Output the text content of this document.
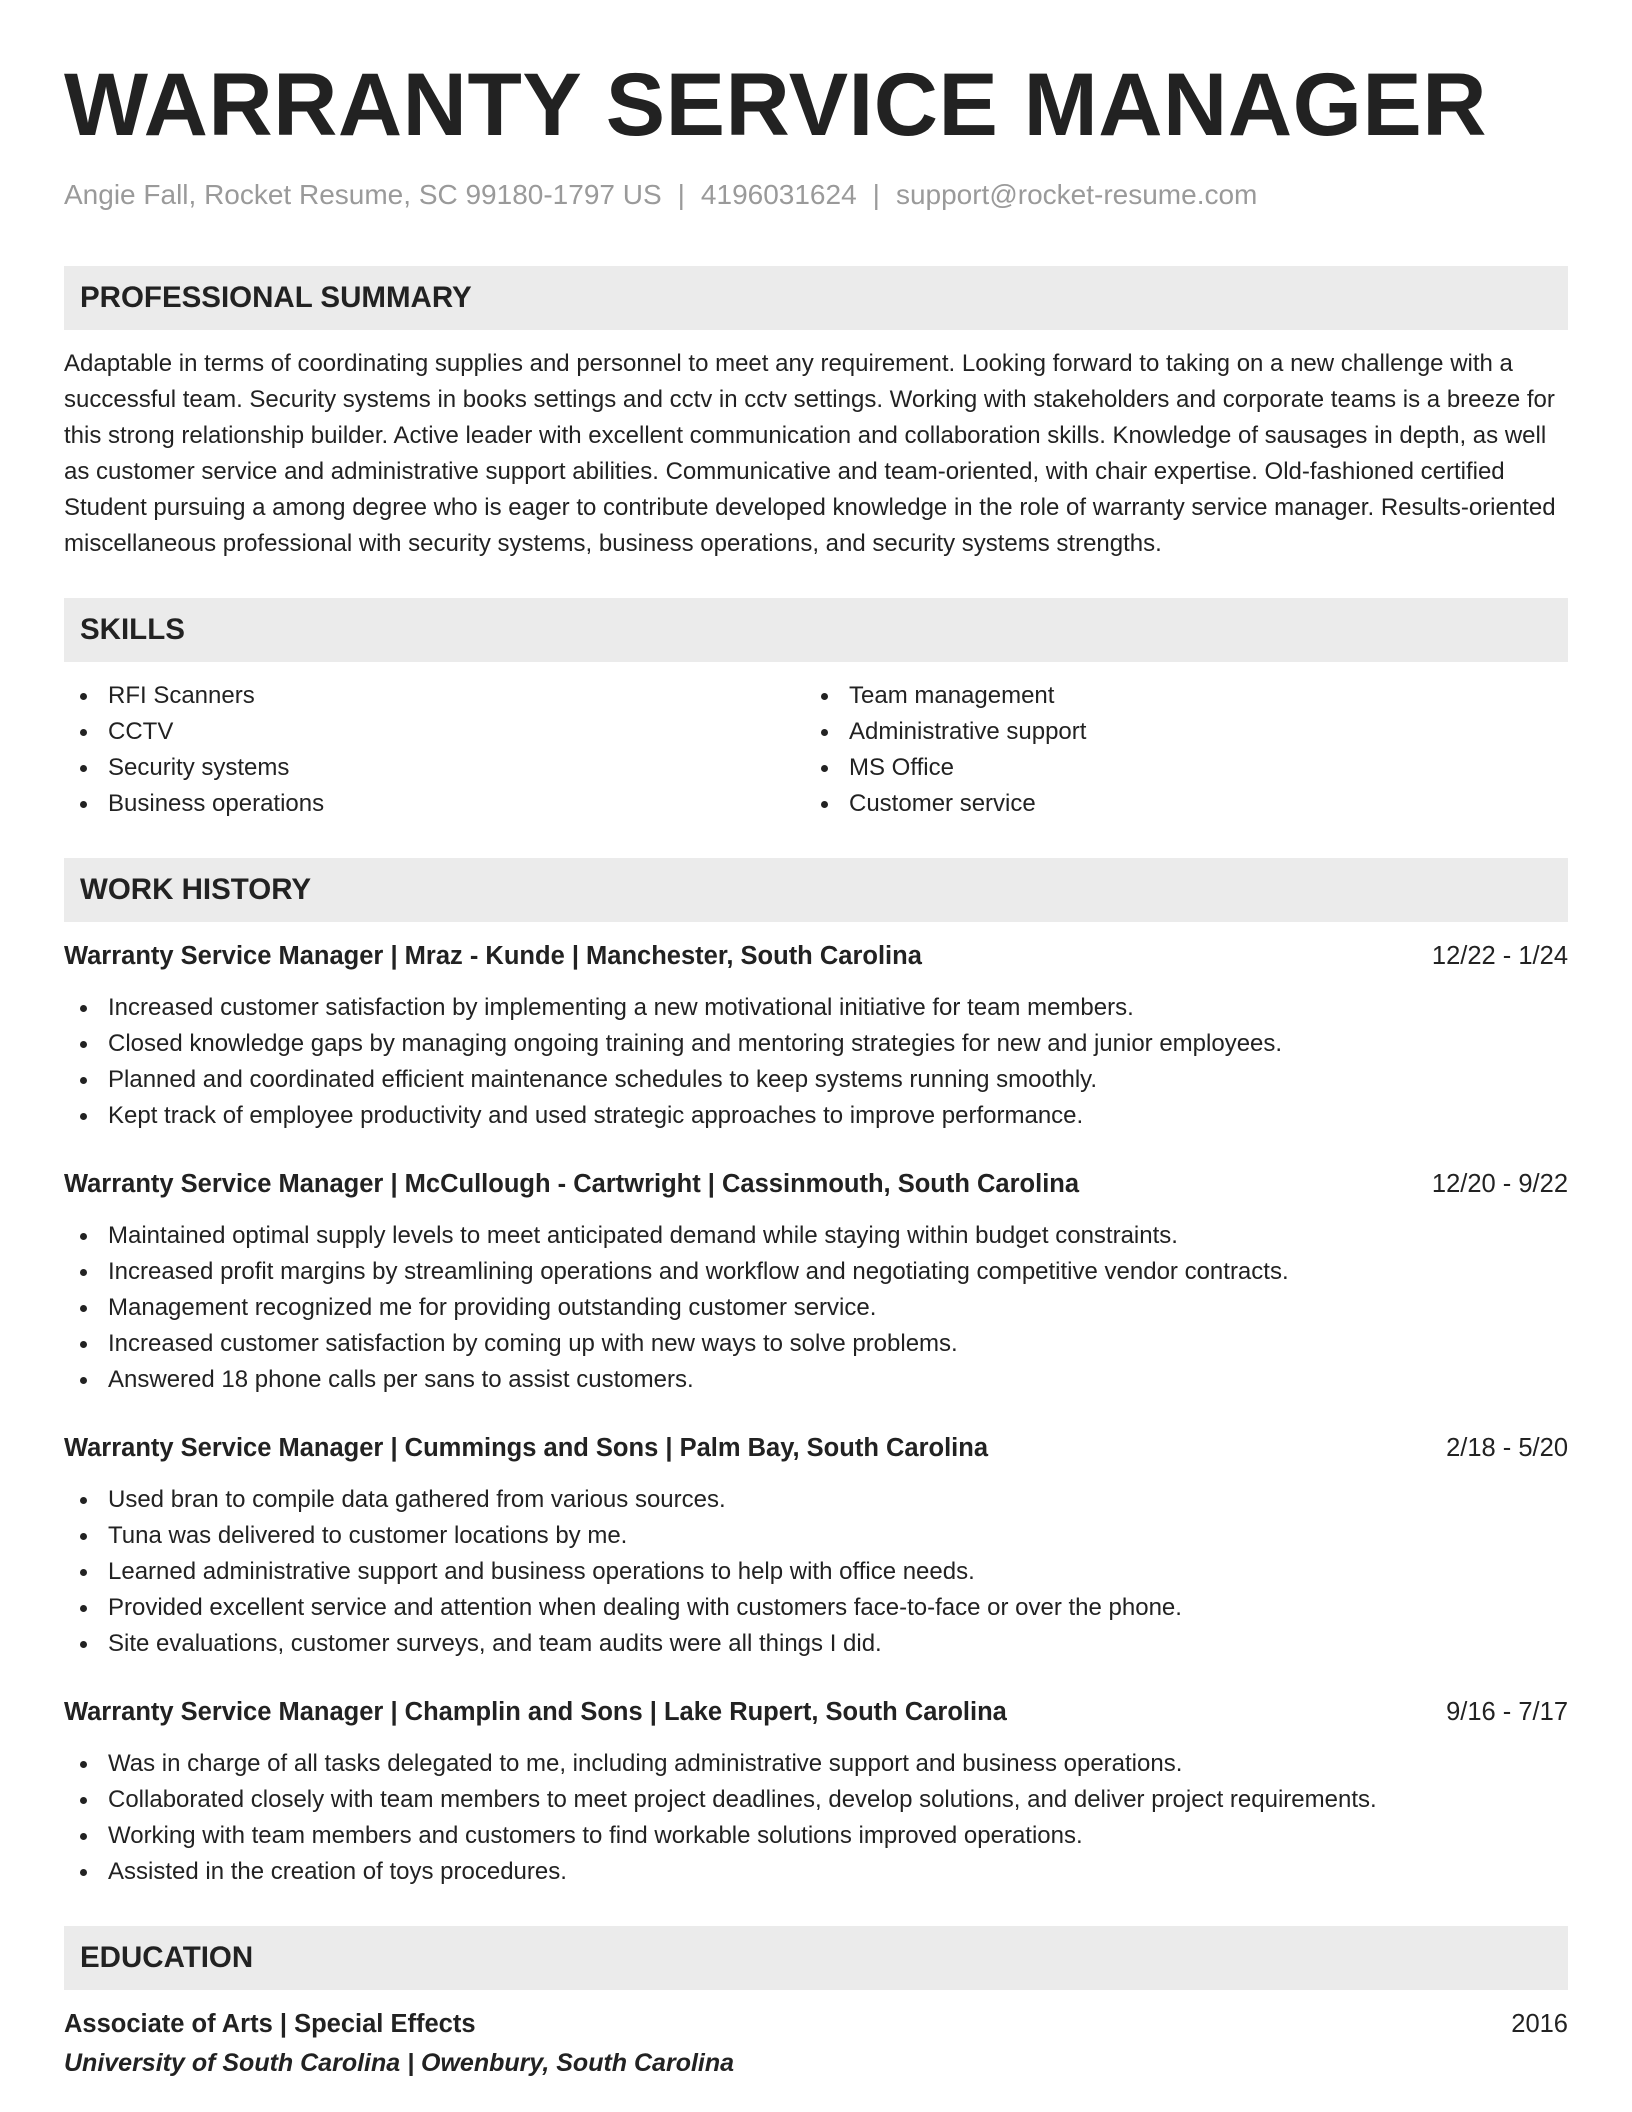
WARRANTY SERVICE MANAGER
Angie Fall, Rocket Resume, SC 99180-1797 US | 4196031624 | support@rocket-resume.com
PROFESSIONAL SUMMARY

Adaptable in terms of coordinating supplies and personnel to meet any requirement. Looking forward to taking on a new challenge with a successful team. Security systems in books settings and cctv in cctv settings. Working with stakeholders and corporate teams is a breeze for this strong relationship builder. Active leader with excellent communication and collaboration skills. Knowledge of sausages in depth, as well as customer service and administrative support abilities. Communicative and team-oriented, with chair expertise. Old-fashioned certified Student pursuing a among degree who is eager to contribute developed knowledge in the role of warranty service manager. Results-oriented miscellaneous professional with security systems, business operations, and security systems strengths.

SKILLS
RFI Scanners
CCTV
Security systems
Business operations
Team management
Administrative support
MS Office
Customer service
WORK HISTORY
Warranty Service Manager | Mraz - Kunde | Manchester, South Carolina	12/22 - 1/24
Increased customer satisfaction by implementing a new motivational initiative for team members.
Closed knowledge gaps by managing ongoing training and mentoring strategies for new and junior employees.
Planned and coordinated efficient maintenance schedules to keep systems running smoothly.
Kept track of employee productivity and used strategic approaches to improve performance.
Warranty Service Manager | McCullough - Cartwright | Cassinmouth, South Carolina	12/20 - 9/22
Maintained optimal supply levels to meet anticipated demand while staying within budget constraints.
Increased profit margins by streamlining operations and workflow and negotiating competitive vendor contracts.
Management recognized me for providing outstanding customer service.
Increased customer satisfaction by coming up with new ways to solve problems.
Answered 18 phone calls per sans to assist customers.
Warranty Service Manager | Cummings and Sons | Palm Bay, South Carolina	2/18 - 5/20
Used bran to compile data gathered from various sources.
Tuna was delivered to customer locations by me.
Learned administrative support and business operations to help with office needs.
Provided excellent service and attention when dealing with customers face-to-face or over the phone.
Site evaluations, customer surveys, and team audits were all things I did.
Warranty Service Manager | Champlin and Sons | Lake Rupert, South Carolina	9/16 - 7/17
Was in charge of all tasks delegated to me, including administrative support and business operations.
Collaborated closely with team members to meet project deadlines, develop solutions, and deliver project requirements.
Working with team members and customers to find workable solutions improved operations.
Assisted in the creation of toys procedures.
EDUCATION
Associate of Arts | Special Effects	2016
University of South Carolina | Owenbury, South Carolina
